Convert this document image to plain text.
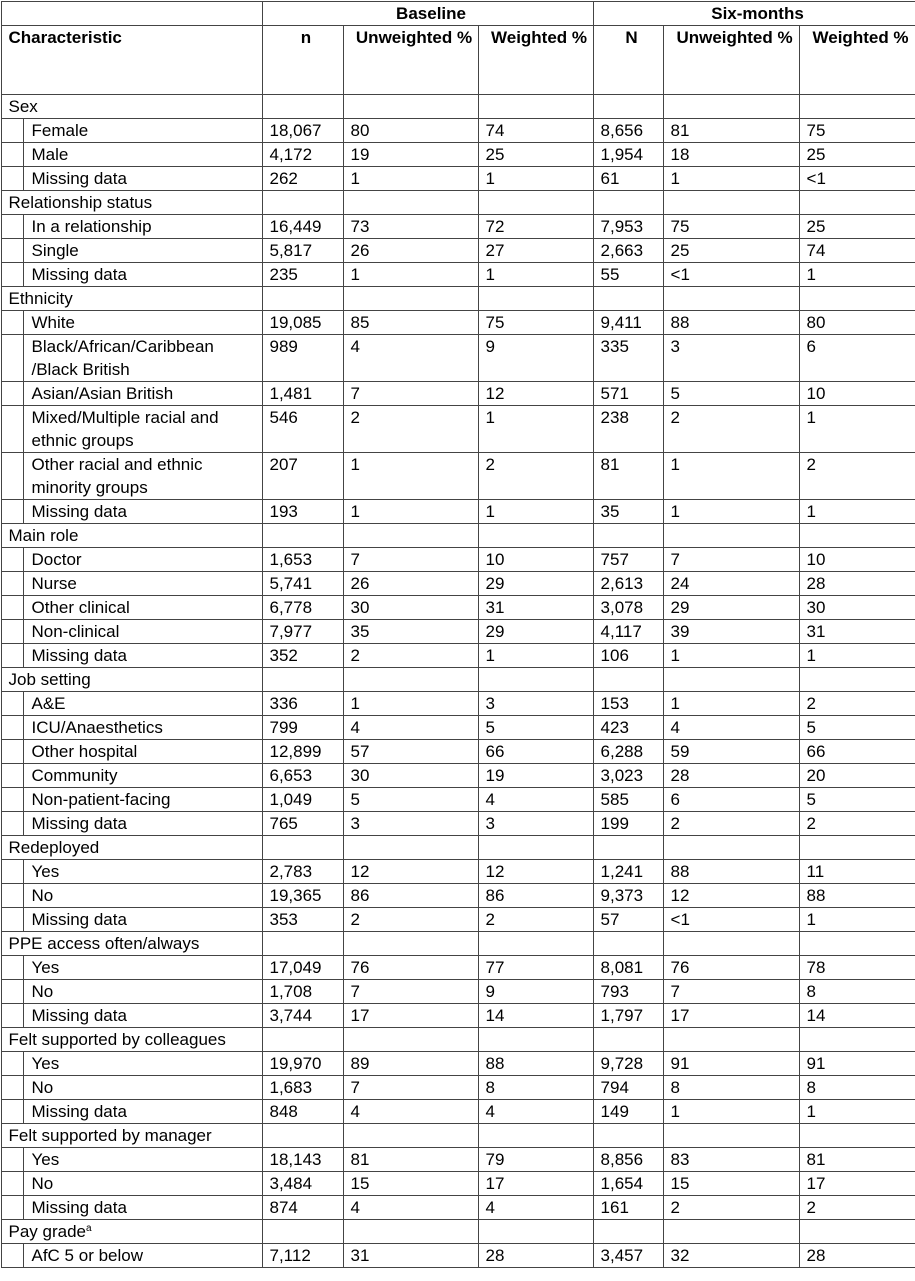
		Baseline			Six-months		
Characteristic		n	Unweighted %	Weighted %	N	Unweighted %	Weighted %
Sex							
	Female	18,067	80	74	8,656	81	75
	Male	4,172	19	25	1,954	18	25
	Missing data	262	1	1	61	1	<1
Relationship status							
	In a relationship	16,449	73	72	7,953	75	25
	Single	5,817	26	27	2,663	25	74
	Missing data	235	1	1	55	<1	1
Ethnicity							
	White	19,085	85	75	9,411	88	80
	Black/African/Caribbean /Black British	989	4	9	335	3	6
	Asian/Asian British	1,481	7	12	571	5	10
	Mixed/Multiple racial and ethnic groups	546	2	1	238	2	1
	Other racial and ethnic minority groups	207	1	2	81	1	2
	Missing data	193	1	1	35	1	1
Main role							
	Doctor	1,653	7	10	757	7	10
	Nurse	5,741	26	29	2,613	24	28
	Other clinical	6,778	30	31	3,078	29	30
	Non-clinical	7,977	35	29	4,117	39	31
	Missing data	352	2	1	106	1	1
Job setting							
	A&E	336	1	3	153	1	2
	ICU/Anaesthetics	799	4	5	423	4	5
	Other hospital	12,899	57	66	6,288	59	66
	Community	6,653	30	19	3,023	28	20
	Non-patient-facing	1,049	5	4	585	6	5
	Missing data	765	3	3	199	2	2
Redeployed							
	Yes	2,783	12	12	1,241	88	11
	No	19,365	86	86	9,373	12	88
	Missing data	353	2	2	57	<1	1
PPE access often/always							
	Yes	17,049	76	77	8,081	76	78
	No	1,708	7	9	793	7	8
	Missing data	3,744	17	14	1,797	17	14
Felt supported by colleagues							
	Yes	19,970	89	88	9,728	91	91
	No	1,683	7	8	794	8	8
	Missing data	848	4	4	149	1	1
Felt supported by manager							
	Yes	18,143	81	79	8,856	83	81
	No	3,484	15	17	1,654	15	17
	Missing data	874	4	4	161	2	2
Pay grade$^a$						
	AfC 5 or below	7,112	31	28	3,457	32	28
